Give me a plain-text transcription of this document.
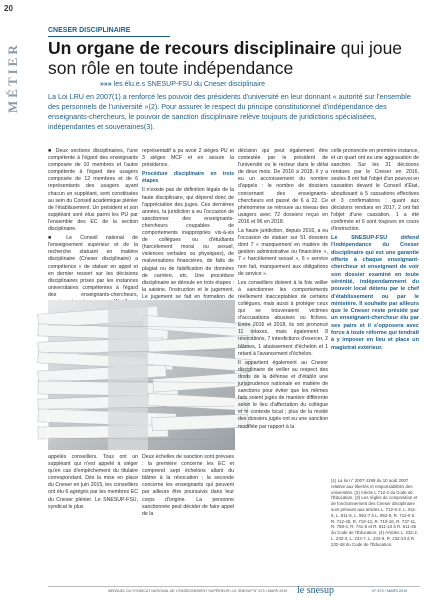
20
MÉTIER
CNESER DISCIPLINAIRE
Un organe de recours disciplinaire qui joue son rôle en toute indépendance
»»» les élu.e.s SNESUP-FSU du Cneser disciplinaire
La Loi LRU en 2007(1) a renforcé les pouvoir des présidents d'université en leur donnant « autorité sur l'ensemble des personnels de l'université »(2). Pour assurer le respect du principe constitutionnel d'indépendance des enseignants-chercheurs, le pouvoir de sanction disciplinaire relève toujours de juridictions spécialisées, indépendantes et souveraines(3).

■ Deux sections disciplinaires, l'une compétente à l'égard des enseignants composée de 10 membres et l'autre compétente à l'égard des usagers composée de 12 membres et de 6 représentants des usagers ayant chacun un suppléant, sont constituées au sein du Conseil académique plénier de l'établissement. Un président et son suppléant sont élus parmi les PU par l'ensemble des EC de la section disciplinaire.

■ Le Conseil national de l'enseignement supérieur et de la recherche statuant en matière disciplinaire (Cneser disciplinaire) a compétence « de statuer en appel et en dernier ressort sur les décisions disciplinaires prises par les instances universitaires compétentes à l'égard des enseignants-chercheurs,

représentatif a pu avoir 2 sièges PU et 3 sièges MCF et en assure la présidence.

Procédure disciplinaire en trois étapes

Il n'existe pas de définition légale de la faute disciplinaire, qui dépend donc de l'appréciation des juges. Ces dernières années, la juridiction a eu l'occasion de sanctionner des enseignants-chercheurs coupables de comportements inappropriés vis-à-vis de collègues ou d'étudiants (harcèlement moral ou sexuel, violences verbales ou physiques), de malversations financières, de faits de plagiat ou de falsification de données de carrière, etc. Une procédure disciplinaire se déroule en trois étapes : la saisine, l'instruction et le jugement. Le jugement se fait en formation de

© Fotolia/Anthon

appelés conseillers. Tous ont un suppléant qui n'est appelé à siéger qu'en cas d'empêchement du titulaire correspondant. Dès la mise en place du Cneser en juin 2015, les conseillers ont élu 6 agrégés par les membres EC du Cneser plénier. Le SNESUP-FSU, syndicat le plus

Deux échelles de sanction sont prévues : la première concerne les EC et comprend sept échelons allant du blâme à la révocation ; la seconde concerne les enseignants qui peuvent par ailleurs être poursuivis dans leur corps d'origine. La personne sanctionnée peut décider de faire appel de la

décision qui peut également être contestée par le président de l'université ou le recteur dans le délai de deux mois. De 2016 à 2018, il y a eu un accroissement du nombre d'appels : le nombre de dossiers concernant des enseignants-chercheurs est passé de 6 à 22. Ce phénomène se retrouve au niveau des usagers avec 72 dossiers reçus en 2016 et 96 en 2018.

La haute juridiction, depuis 2016, a eu l'occasion de statuer sur 51 dossiers dont 7 « manquement en matière de gestion administrative ou financière », 7 « harcèlement sexuel », 6 « service non fait, manquement aux obligations de service ».

Les conseillers doivent à la fois veiller à sanctionner les comportements réellement inacceptables de certains collègues, mais aussi à protéger ceux qui se trouveraient victimes d'accusations abusives ou fictives. Entre 2016 et 2018, ils ont prononcé 11 relaxes, mais également 8 révocations, 7 interdictions d'exercer, 2 blâmes, 1 abaissement d'échelon et 1 retard à l'avancement d'échelon.

Il appartient également au Cneser disciplinaire de veiller au respect des droits de la défense et d'établir une jurisprudence nationale en matière de sanctions pour éviter que les mêmes faits soient jugés de manière différente selon le lieu d'affectation du collègue et le contexte local ; plus de la moitié des dossiers jugés ont eu une sanction modifiée par rapport à la

celle prononcée en première instance, et un quart ont eu une aggravation de sanction. Sur les 31 décisions rendues par le Cneser en 2016, seules 8 ont fait l'objet d'un pourvoi en cassation devant le Conseil d'État, aboutissant à 5 cassations effectives et 3 confirmations : quant aux décisions rendues en 2017, 2 ont fait l'objet d'une cassation, 1 a été confirmée et 6 sont toujours en cours d'instruction.

Le SNESUP-FSU défend l'indépendance du Cneser disciplinaire qui est une garantie offerte à chaque enseignant-chercheur et enseignant de voir son dossier examiné en toute sérénité, indépendamment du pouvoir local détenu par le chef d'établissement ou par le ministère. Il souhaite par ailleurs que le Cneser reste présidé par un enseignant-chercheur élu par ses pairs et il s'opposera avec force à toute réforme qui tendrait à y imposer en lieu et place un magistrat extérieur.

(1) La loi n° 2007-1199 du 10 août 2007 relative aux libertés et responsabilités des universités. (2) Article L 712-2 du Code de l'Éducation. (3) Les règles de composition et de fonctionnement des Cneser disciplinaire sont prévues aux articles L. 712-6-2, L. 811-5, L. 811-6, L. 952-7 à L. 952-9, R. 712-9 à R. 712-46, R. 719-13, R. 719-16, R. 737-11, R. 758-4, R. 741-5 et R. 811-10 à R. 811-35 du Code de l'Éducation. (4) Articles L. 232-2, L. 232-3, L. 232-7, L. 232-8, R. 232-23 à R. 232-48 du Code de l'Éducation.
MENSUEL DU SYNDICAT NATIONAL DE L'ENSEIGNEMENT SUPÉRIEUR • LE SNESUP N° 673 • MARS 2019 le snesup	N° 673 / MARS 2019
